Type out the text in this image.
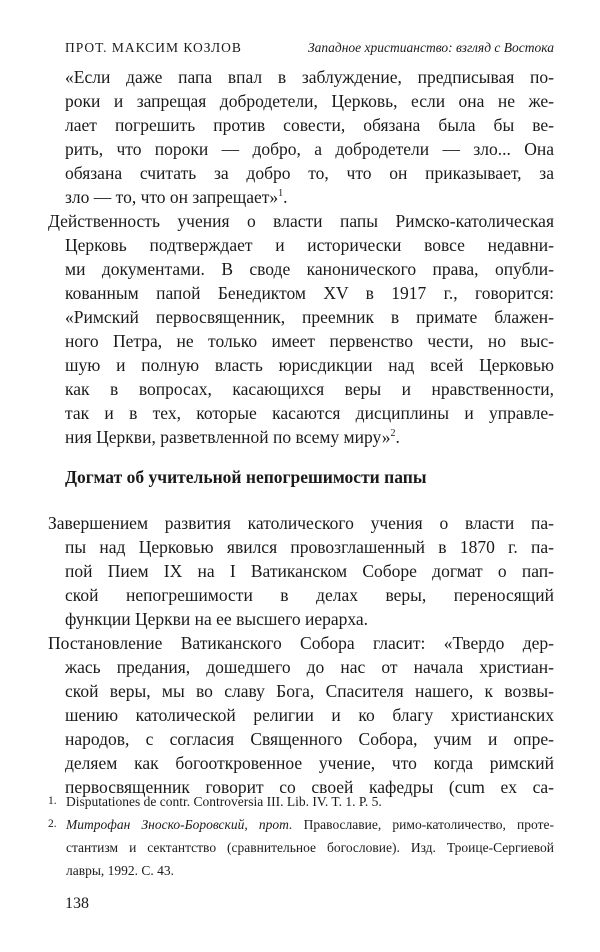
ПРОТ. МАКСИМ КОЗЛОВ	Западное христианство: взгляд с Востока
«Если даже папа впал в заблуждение, предписывая по-
роки и запрещая добродетели, Церковь, если она не же-
лает погрешить против совести, обязана была бы ве-
рить, что пороки — добро, а добродетели — зло... Она
обязана считать за добро то, что он приказывает, за
зло — то, что он запрещает»$^1$.
Действенность учения о власти папы Римско-католическая
Церковь подтверждает и исторически вовсе недавни-
ми документами. В своде канонического права, опубли-
кованным папой Бенедиктом XV в 1917 г., говорится:
«Римский первосвященник, преемник в примате блажен-
ного Петра, не только имеет первенство чести, но выс-
шую и полную власть юрисдикции над всей Церковью
как в вопросах, касающихся веры и нравственности,
так и в тех, которые касаются дисциплины и управле-
ния Церкви, разветвленной по всему миру»$^2$.
Догмат об учительной непогрешимости папы
Завершением развития католического учения о власти па-
пы над Церковью явился провозглашенный в 1870 г. па-
пой Пием IX на I Ватиканском Соборе догмат о пап-
ской непогрешимости в делах веры, переносящий
функции Церкви на ее высшего иерарха.
Постановление Ватиканского Собора гласит: «Твердо дер-
жась предания, дошедшего до нас от начала христиан-
ской веры, мы во славу Бога, Спасителя нашего, к возвы-
шению католической религии и ко благу христианских
народов, с согласия Священного Собора, учим и опре-
деляем как богооткровенное учение, что когда римский
первосвященник говорит со своей кафедры (cum ex ca-
1. Disputationes de contr. Controversia III. Lib. IV. T. 1. P. 5.
2. Митрофан Зноско-Боровский, прот. Православие, римо-католичество, проте-
стантизм и сектантство (сравнительное богословие). Изд. Троице-Сергиевой
лавры, 1992. С. 43.
138
